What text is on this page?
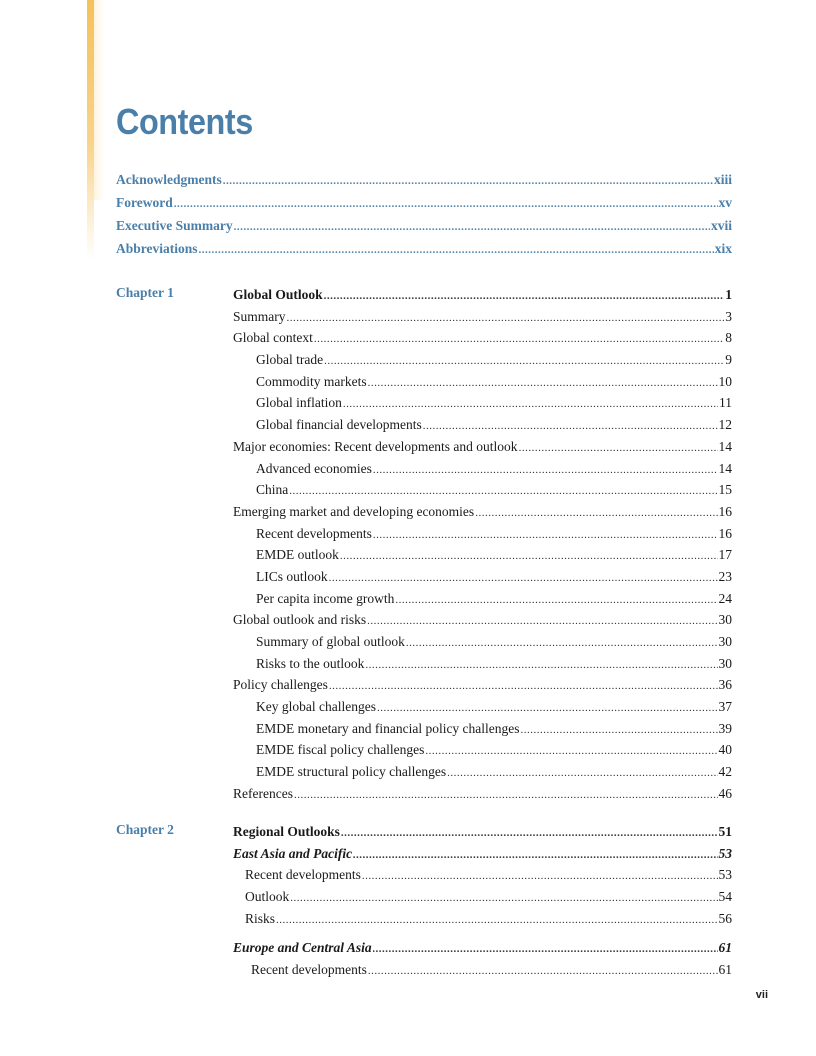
Contents
Acknowledgments .....	xiii
Foreword .....	xv
Executive Summary .....	xvii
Abbreviations .....	xix
Chapter 1	Global Outlook .....	1
Summary .....	3
Global context .....	8
Global trade .....	9
Commodity markets .....	10
Global inflation .....	11
Global financial developments .....	12
Major economies: Recent developments and outlook .....	14
Advanced economies .....	14
China .....	15
Emerging market and developing economies .....	16
Recent developments .....	16
EMDE outlook .....	17
LICs outlook .....	23
Per capita income growth .....	24
Global outlook and risks .....	30
Summary of global outlook .....	30
Risks to the outlook .....	30
Policy challenges .....	36
Key global challenges .....	37
EMDE monetary and financial policy challenges .....	39
EMDE fiscal policy challenges .....	40
EMDE structural policy challenges .....	42
References .....	46
Chapter 2	Regional Outlooks .....	51
East Asia and Pacific .....	53
Recent developments .....	53
Outlook .....	54
Risks .....	56
Europe and Central Asia .....	61
Recent developments .....	61
vii
